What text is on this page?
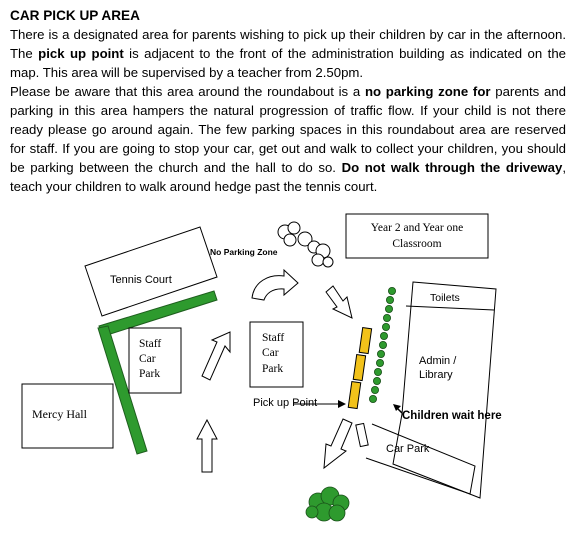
CAR PICK UP AREA

There is a designated area for parents wishing to pick up their children by car in the afternoon. The pick up point is adjacent to the front of the administration building as indicated on the map. This area will be supervised by a teacher from 2.50pm.

Please be aware that this area around the roundabout is a no parking zone for parents and parking in this area hampers the natural progression of traffic flow. If your child is not there ready please go around again. The few parking spaces in this roundabout area are reserved for staff. If you are going to stop your car, get out and walk to collect your children, you should be parking between the church and the hall to do so. Do not walk through the driveway, teach your children to walk around hedge past the tennis court.

Tennis Court
Staff
Car
Park
Mercy Hall
Staff
Car
Park
No Parking Zone
Year 2 and Year one
Classroom
Toilets
Admin /
Library
Pick up Point
Children wait here
Car Park
